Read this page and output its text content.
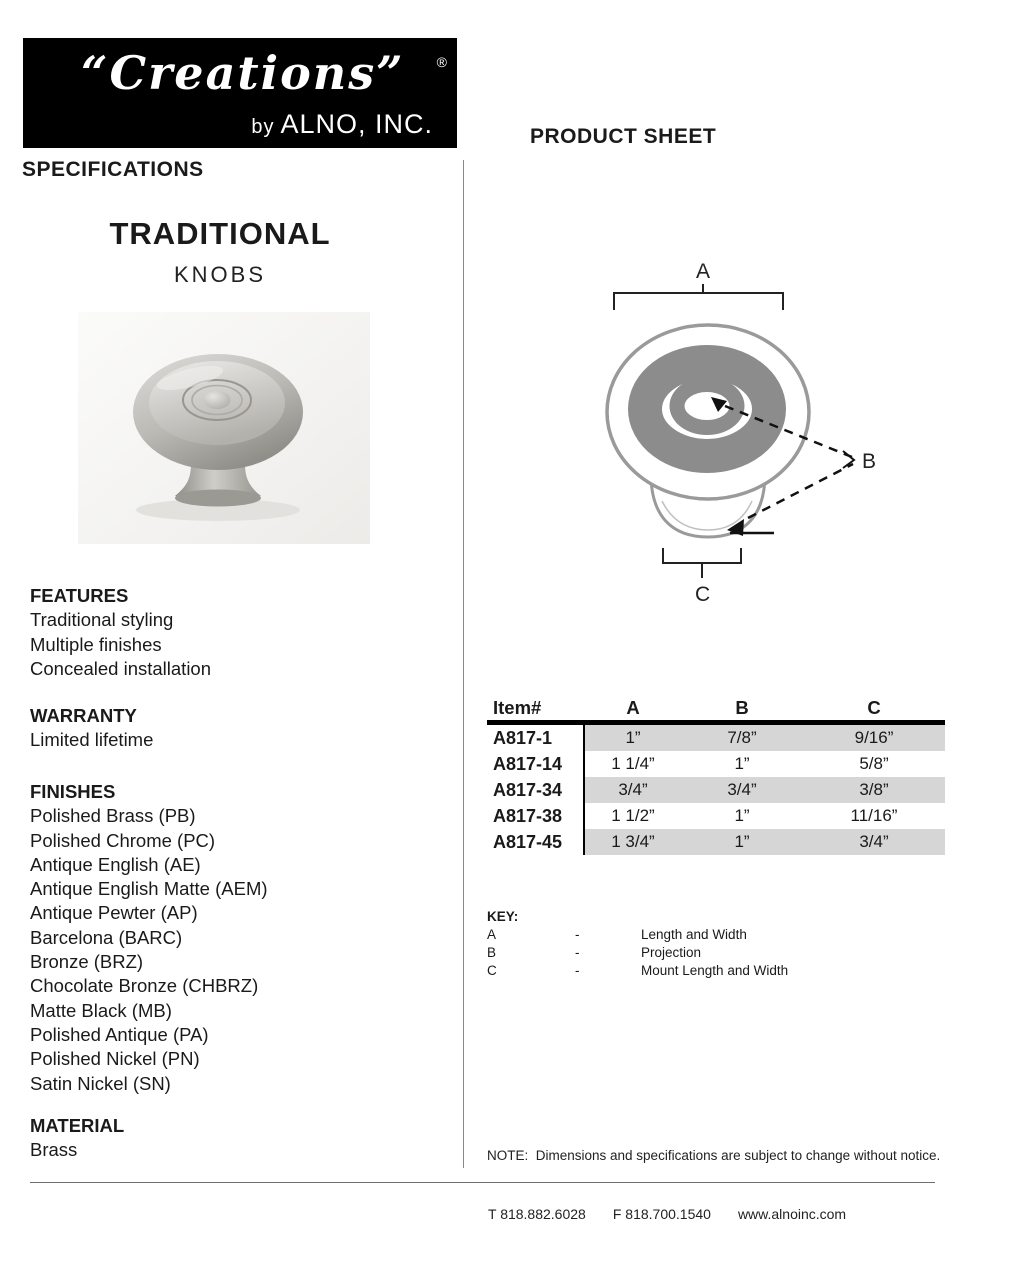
“Creations” ®
by ALNO, INC.
SPECIFICATIONS
PRODUCT SHEET
TRADITIONAL
KNOBS
FEATURES
Traditional styling
Multiple finishes
Concealed installation
WARRANTY
Limited lifetime
FINISHES
Polished Brass (PB)
Polished Chrome (PC)
Antique English (AE)
Antique English Matte (AEM)
Antique Pewter (AP)
Barcelona (BARC)
Bronze (BRZ)
Chocolate Bronze (CHBRZ)
Matte Black (MB)
Polished Antique (PA)
Polished Nickel (PN)
Satin Nickel (SN)
MATERIAL
Brass
A
B
C
Item#	A	B	C
A817-1	1”	7/8”	9/16”
A817-14	1 1/4”	1”	5/8”
A817-34	3/4”	3/4”	3/8”
A817-38	1 1/2”	1”	11/16”
A817-45	1 3/4”	1”	3/4”
KEY:
A	-	Length and Width
B	-	Projection
C	-	Mount Length and Width
NOTE:  Dimensions and specifications are subject to change without notice.
T 818.882.6028 F 818.700.1540 www.alnoinc.com
